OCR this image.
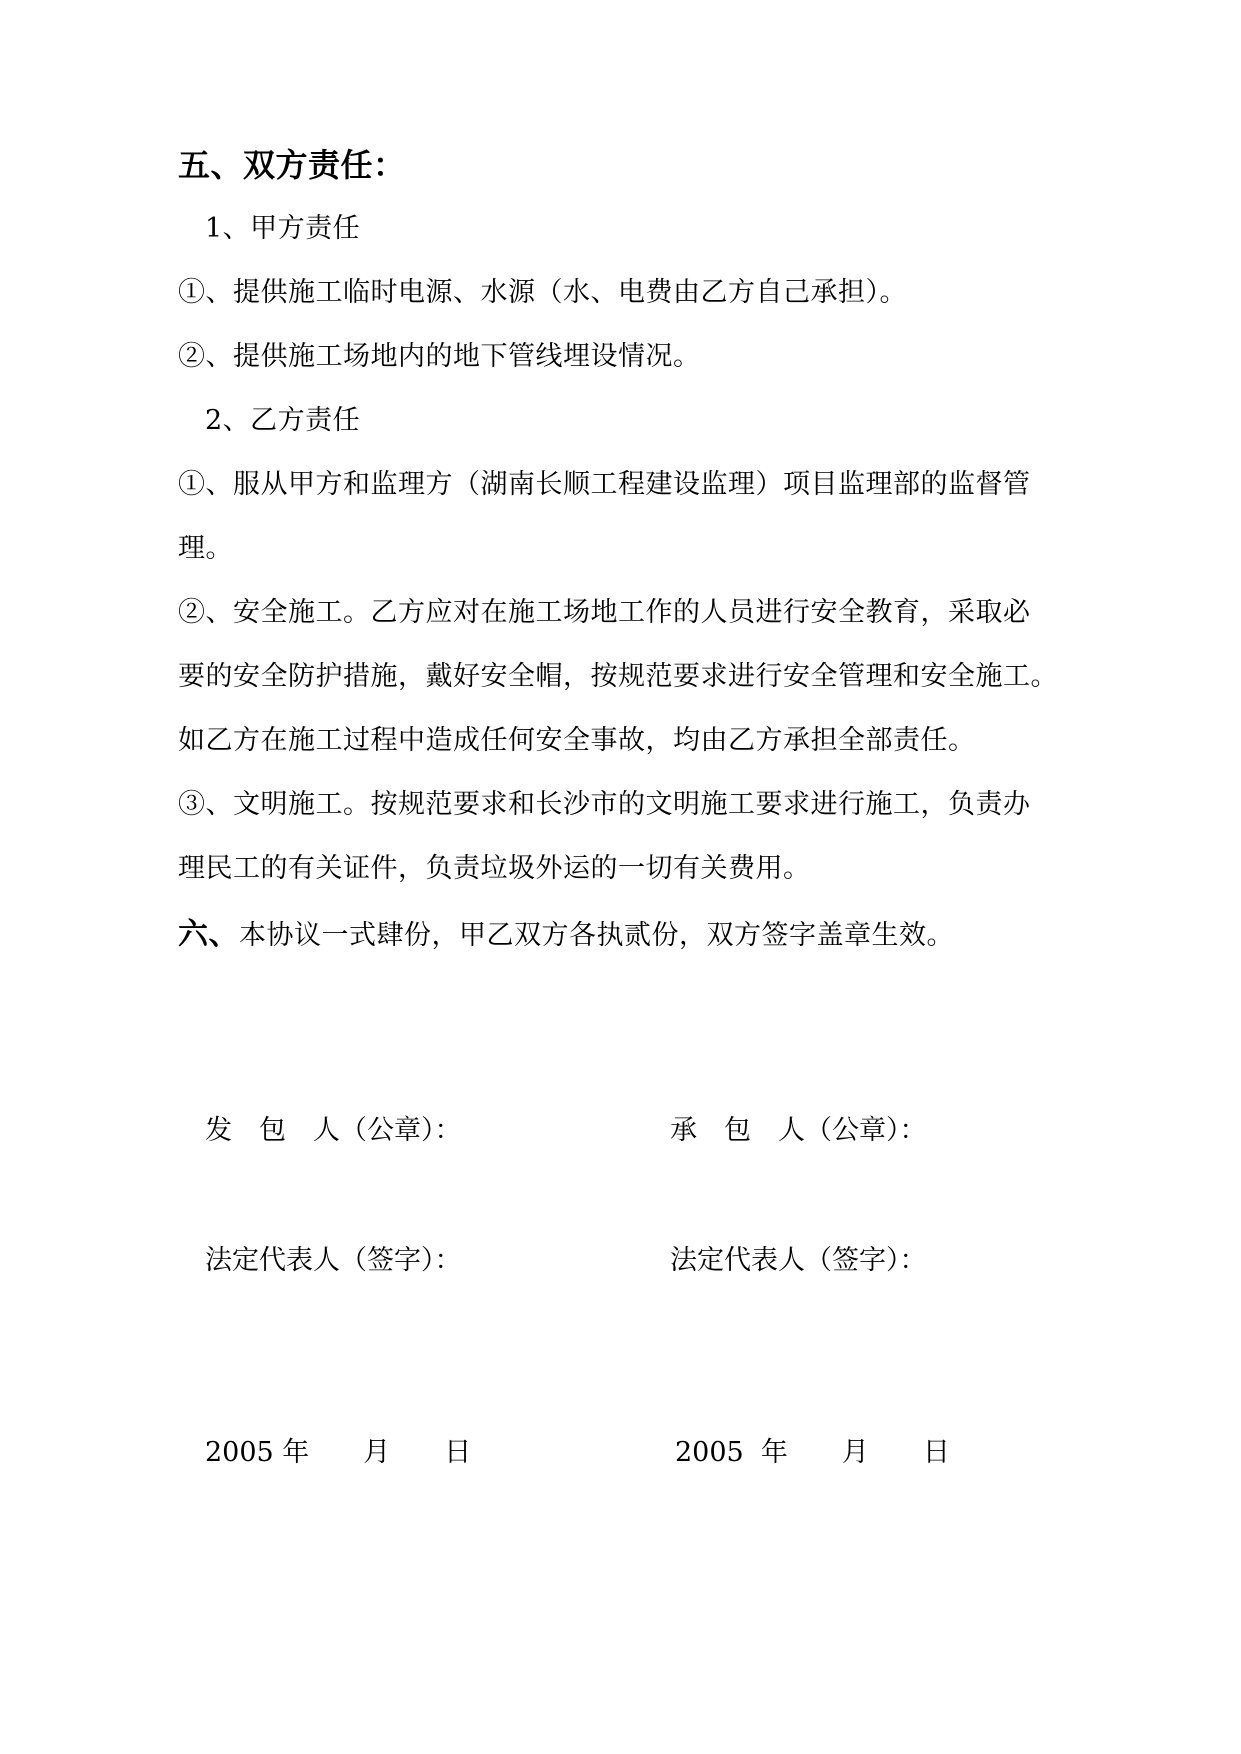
五、双方责任：
1、甲方责任
①、提供施工临时电源、水源（水、电费由乙方自己承担）。
②、提供施工场地内的地下管线埋设情况。
2、乙方责任
①、服从甲方和监理方（湖南长顺工程建设监理）项目监理部的监督管
理。
②、安全施工。乙方应对在施工场地工作的人员进行安全教育，采取必
要的安全防护措施，戴好安全帽，按规范要求进行安全管理和安全施工。
如乙方在施工过程中造成任何安全事故，均由乙方承担全部责任。
③、文明施工。按规范要求和长沙市的文明施工要求进行施工，负责办
理民工的有关证件，负责垃圾外运的一切有关费用。
六、本协议一式肆份，甲乙双方各执贰份，双方签字盖章生效。
发　包　人（公章）：	承　包　人（公章）：
法定代表人（签字）：	法定代表人（签字）：
2005 年　　月　　日	2005  年　　月　　日
